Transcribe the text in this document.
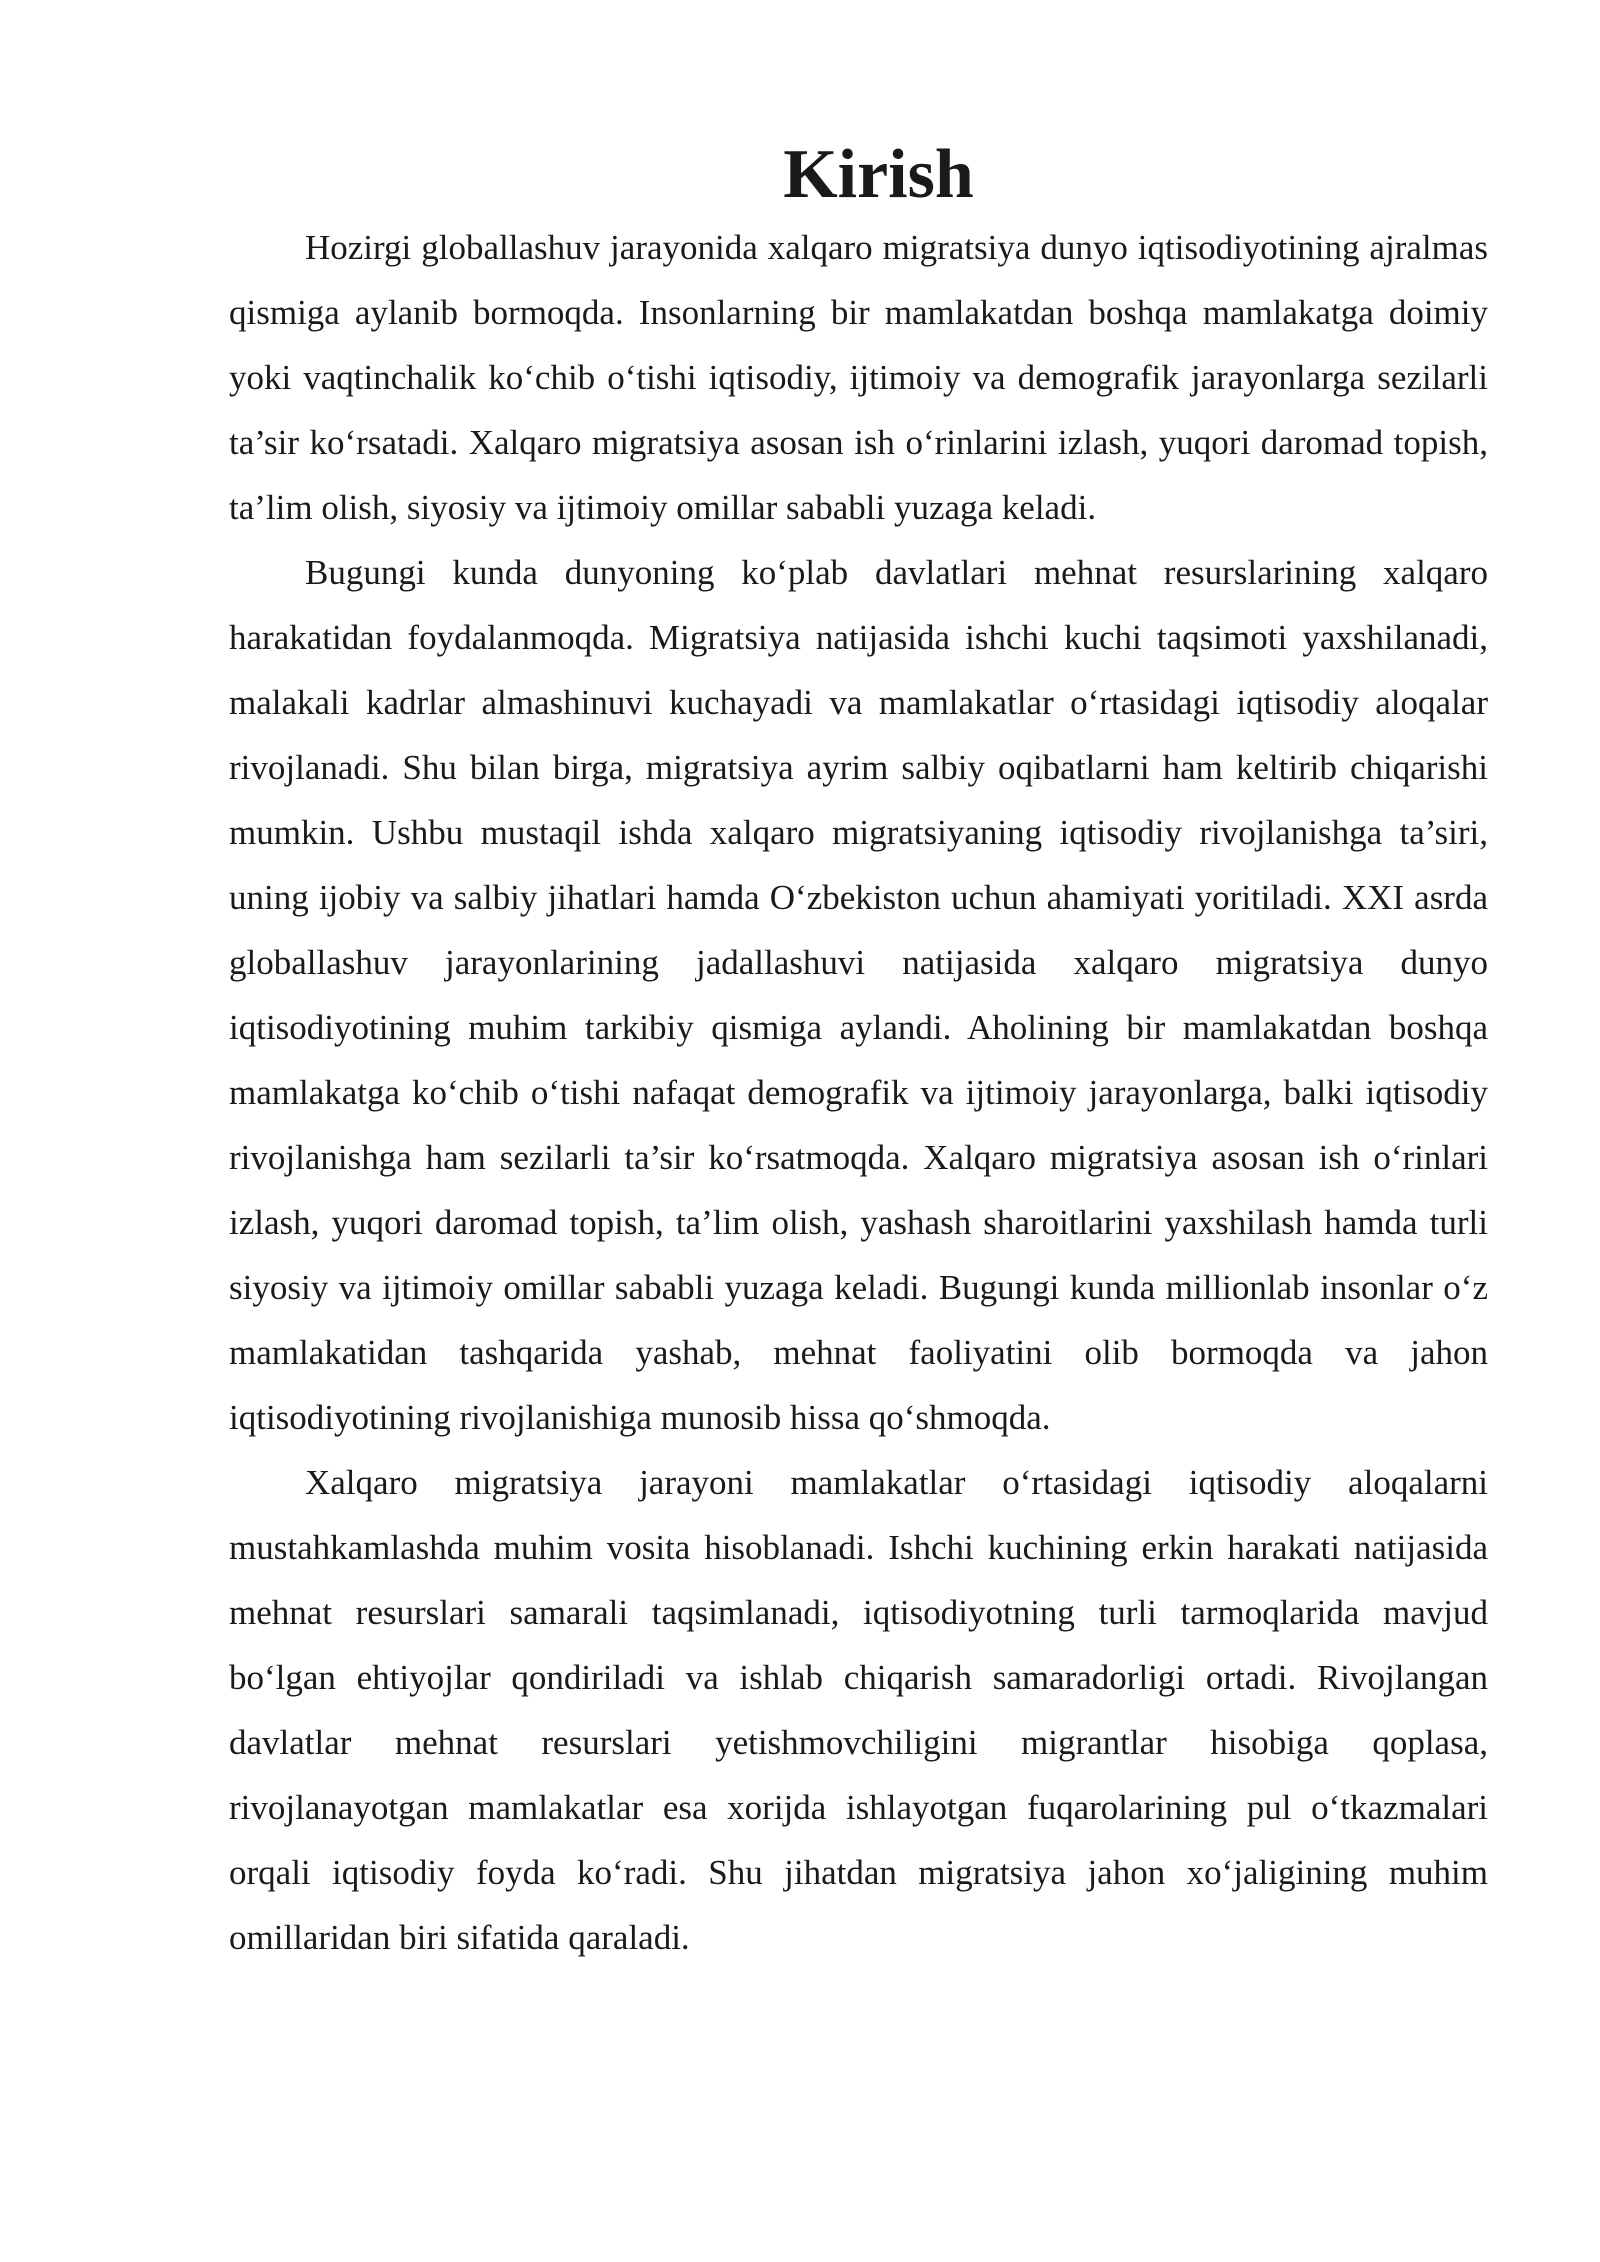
Kirish

Hozirgi globallashuv jarayonida xalqaro migratsiya dunyo iqtisodiyotining ajralmas qismiga aylanib bormoqda. Insonlarning bir mamlakatdan boshqa mamlakatga doimiy yoki vaqtinchalik ko‘chib o‘tishi iqtisodiy, ijtimoiy va demografik jarayonlarga sezilarli ta’sir ko‘rsatadi. Xalqaro migratsiya asosan ish o‘rinlarini izlash, yuqori daromad topish, ta’lim olish, siyosiy va ijtimoiy omillar sababli yuzaga keladi.

Bugungi kunda dunyoning ko‘plab davlatlari mehnat resurslarining xalqaro harakatidan foydalanmoqda. Migratsiya natijasida ishchi kuchi taqsimoti yaxshilanadi, malakali kadrlar almashinuvi kuchayadi va mamlakatlar o‘rtasidagi iqtisodiy aloqalar rivojlanadi. Shu bilan birga, migratsiya ayrim salbiy oqibatlarni ham keltirib chiqarishi mumkin. Ushbu mustaqil ishda xalqaro migratsiyaning iqtisodiy rivojlanishga ta’siri, uning ijobiy va salbiy jihatlari hamda O‘zbekiston uchun ahamiyati yoritiladi. XXI asrda globallashuv jarayonlarining jadallashuvi natijasida xalqaro migratsiya dunyo iqtisodiyotining muhim tarkibiy qismiga aylandi. Aholining bir mamlakatdan boshqa mamlakatga ko‘chib o‘tishi nafaqat demografik va ijtimoiy jarayonlarga, balki iqtisodiy rivojlanishga ham sezilarli ta’sir ko‘rsatmoqda. Xalqaro migratsiya asosan ish o‘rinlari izlash, yuqori daromad topish, ta’lim olish, yashash sharoitlarini yaxshilash hamda turli siyosiy va ijtimoiy omillar sababli yuzaga keladi. Bugungi kunda millionlab insonlar o‘z mamlakatidan tashqarida yashab, mehnat faoliyatini olib bormoqda va jahon iqtisodiyotining rivojlanishiga munosib hissa qo‘shmoqda.

Xalqaro migratsiya jarayoni mamlakatlar o‘rtasidagi iqtisodiy aloqalarni mustahkamlashda muhim vosita hisoblanadi. Ishchi kuchining erkin harakati natijasida mehnat resurslari samarali taqsimlanadi, iqtisodiyotning turli tarmoqlarida mavjud bo‘lgan ehtiyojlar qondiriladi va ishlab chiqarish samaradorligi ortadi. Rivojlangan davlatlar mehnat resurslari yetishmovchiligini migrantlar hisobiga qoplasa, rivojlanayotgan mamlakatlar esa xorijda ishlayotgan fuqarolarining pul o‘tkazmalari orqali iqtisodiy foyda ko‘radi. Shu jihatdan migratsiya jahon xo‘jaligining muhim omillaridan biri sifatida qaraladi.
